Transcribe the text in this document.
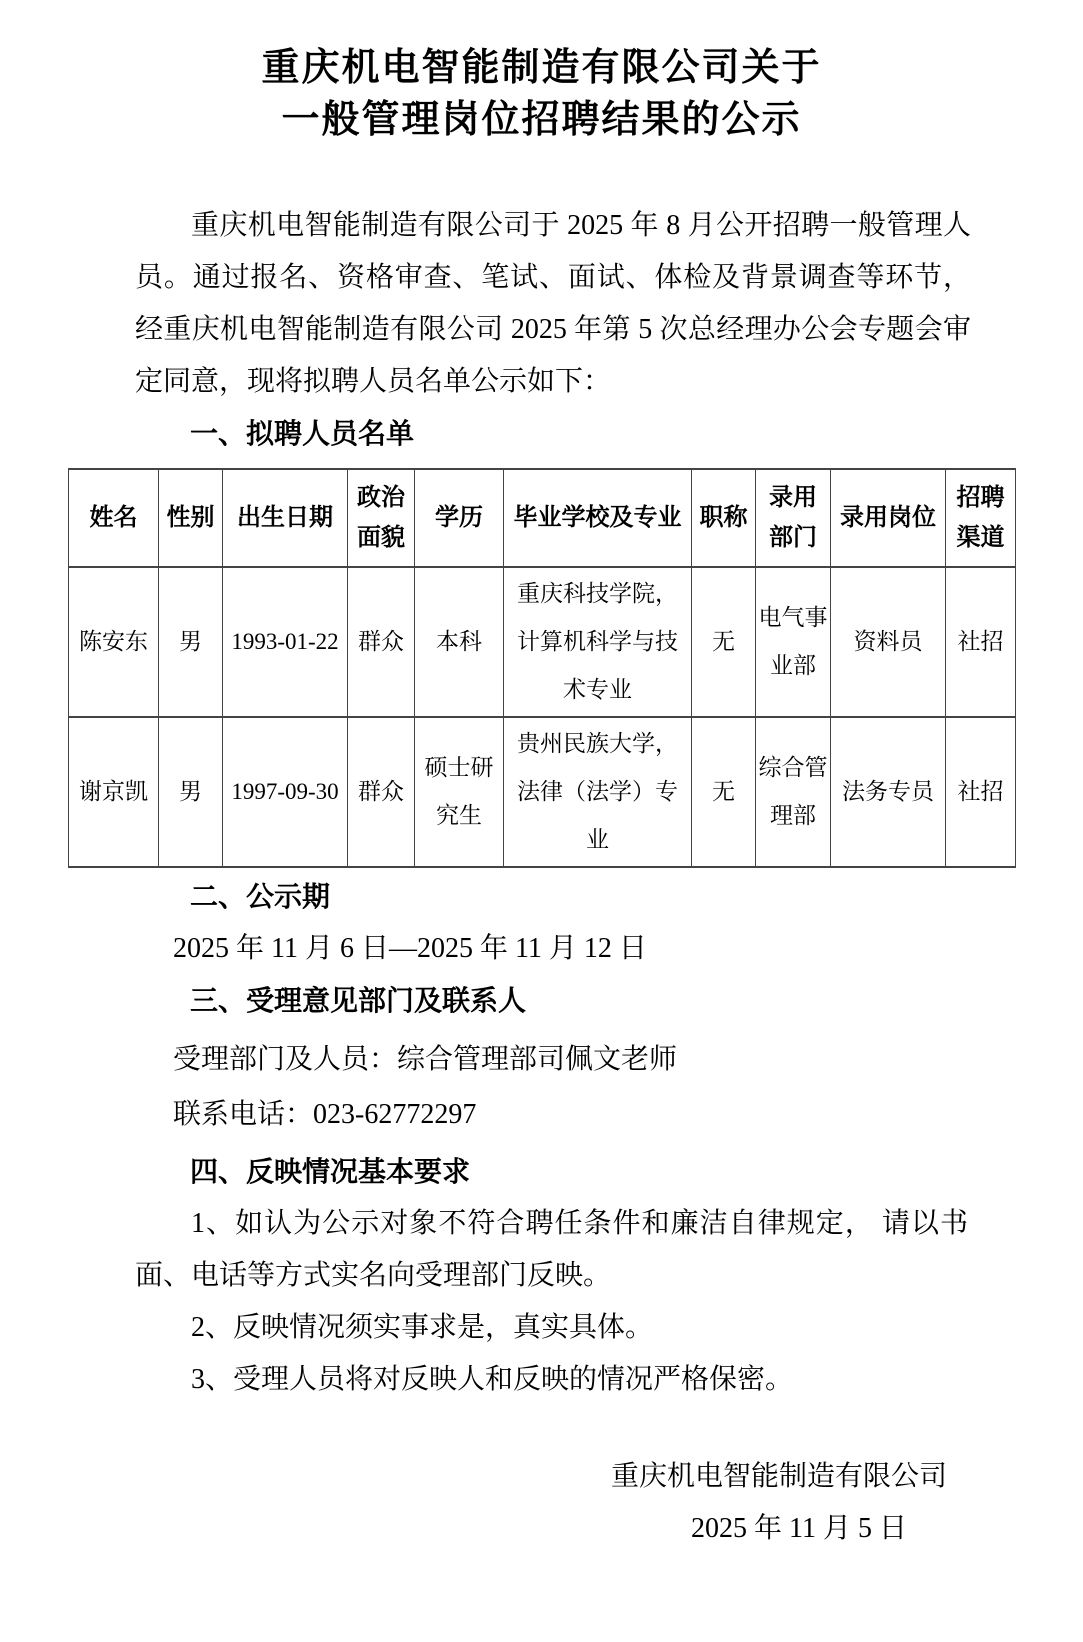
重庆机电智能制造有限公司关于
一般管理岗位招聘结果的公示

重庆机电智能制造有限公司于 2025 年 8 月公开招聘一般管理人员。通过报名、资格审查、笔试、面试、体检及背景调查等环节，经重庆机电智能制造有限公司 2025 年第 5 次总经理办公会专题会审定同意，现将拟聘人员名单公示如下：

一、拟聘人员名单
姓名	性别	出生日期	政治面貌	学历	毕业学校及专业	职称	录用部门	录用岗位	招聘渠道
陈安东	男	1993-01-22	群众	本科	重庆科技学院，计算机科学与技术专业	无	电气事业部	资料员	社招
谢京凯	男	1997-09-30	群众	硕士研究生	贵州民族大学，法律（法学）专业	无	综合管理部	法务专员	社招
二、公示期
2025 年 11 月 6 日—2025 年 11 月 12 日
三、受理意见部门及联系人
受理部门及人员：综合管理部司佩文老师
联系电话：023-62772297
四、反映情况基本要求

1、如认为公示对象不符合聘任条件和廉洁自律规定， 请以书面、电话等方式实名向受理部门反映。

2、反映情况须实事求是，真实具体。

3、受理人员将对反映人和反映的情况严格保密。

重庆机电智能制造有限公司
2025 年 11 月 5 日
